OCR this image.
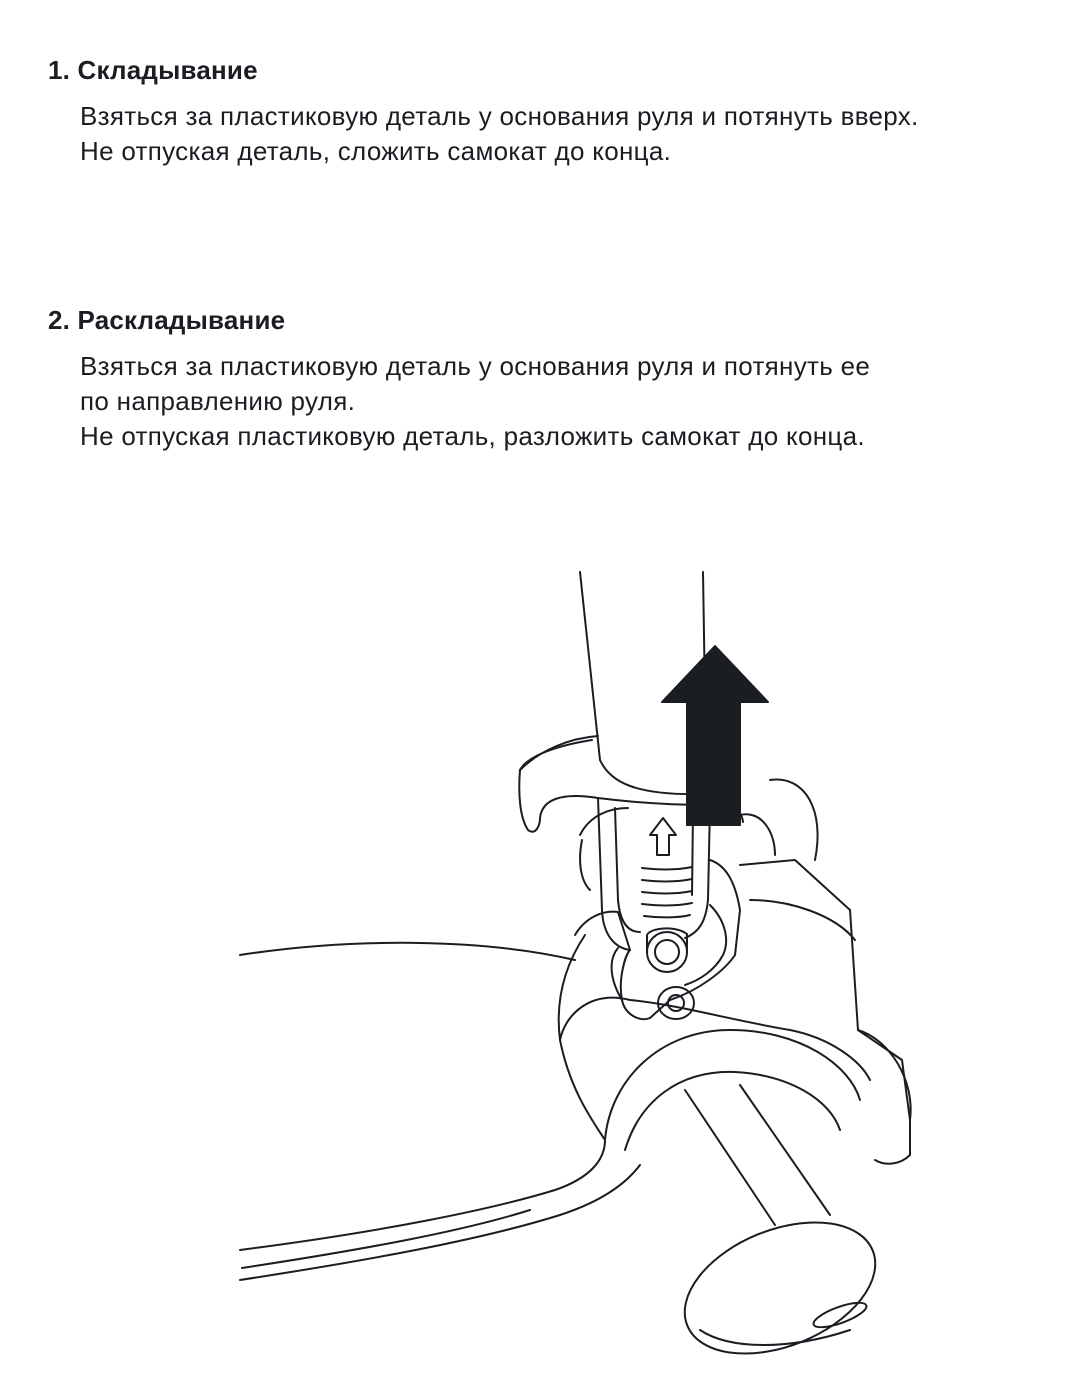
1. Складывание

Взяться за пластиковую деталь у основания руля и потянуть вверх.

Не отпуская деталь, сложить самокат до конца.

2. Раскладывание

Взяться за пластиковую деталь у основания руля и потянуть ее

по направлению руля.

Не отпуская пластиковую деталь, разложить самокат до конца.
